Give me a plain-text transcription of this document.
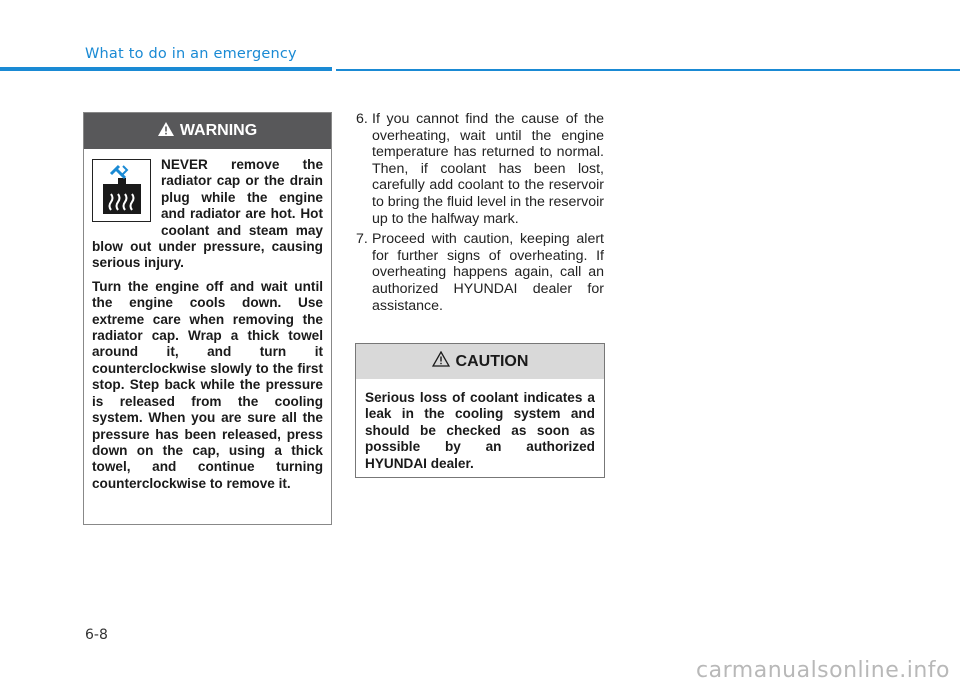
What to do in an emergency
WARNING

NEVER remove the radiator cap or the drain plug while the engine and radiator are hot. Hot coolant and steam may blow out under pressure, causing serious injury.

Turn the engine off and wait until the engine cools down. Use extreme care when removing the radiator cap. Wrap a thick towel around it, and turn it counterclockwise slowly to the first stop. Step back while the pressure is released from the cooling system. When you are sure all the pressure has been released, press down on the cap, using a thick towel, and continue turning counterclockwise to remove it.

6. If you cannot find the cause of the overheating, wait until the engine temperature has returned to normal. Then, if coolant has been lost, carefully add coolant to the reservoir to bring the fluid level in the reservoir up to the halfway mark.
7. Proceed with caution, keeping alert for further signs of overheating. If overheating happens again, call an authorized HYUNDAI dealer for assistance.
CAUTION
Serious loss of coolant indicates a leak in the cooling system and should be checked as soon as possible by an authorized HYUNDAI dealer.
6-8
carmanualsonline.info
